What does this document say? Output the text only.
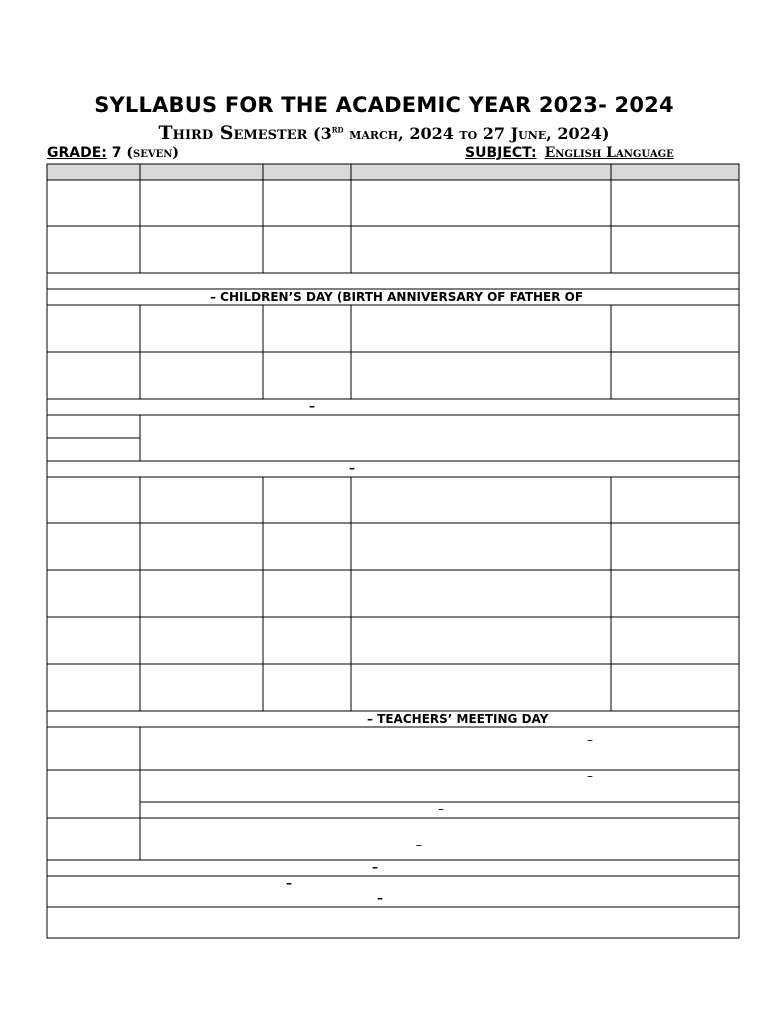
SYLLABUS FOR THE ACADEMIC YEAR 2023- 2024
Third Semester (3rd march, 2024 to 27 June, 2024)
GRADE: 7 (seven)	SUBJECT: English Language
– CHILDREN’S DAY (BIRTH ANNIVERSARY OF FATHER OF
–
–
– TEACHERS’ MEETING DAY
–
–
–
–
–
–
–
